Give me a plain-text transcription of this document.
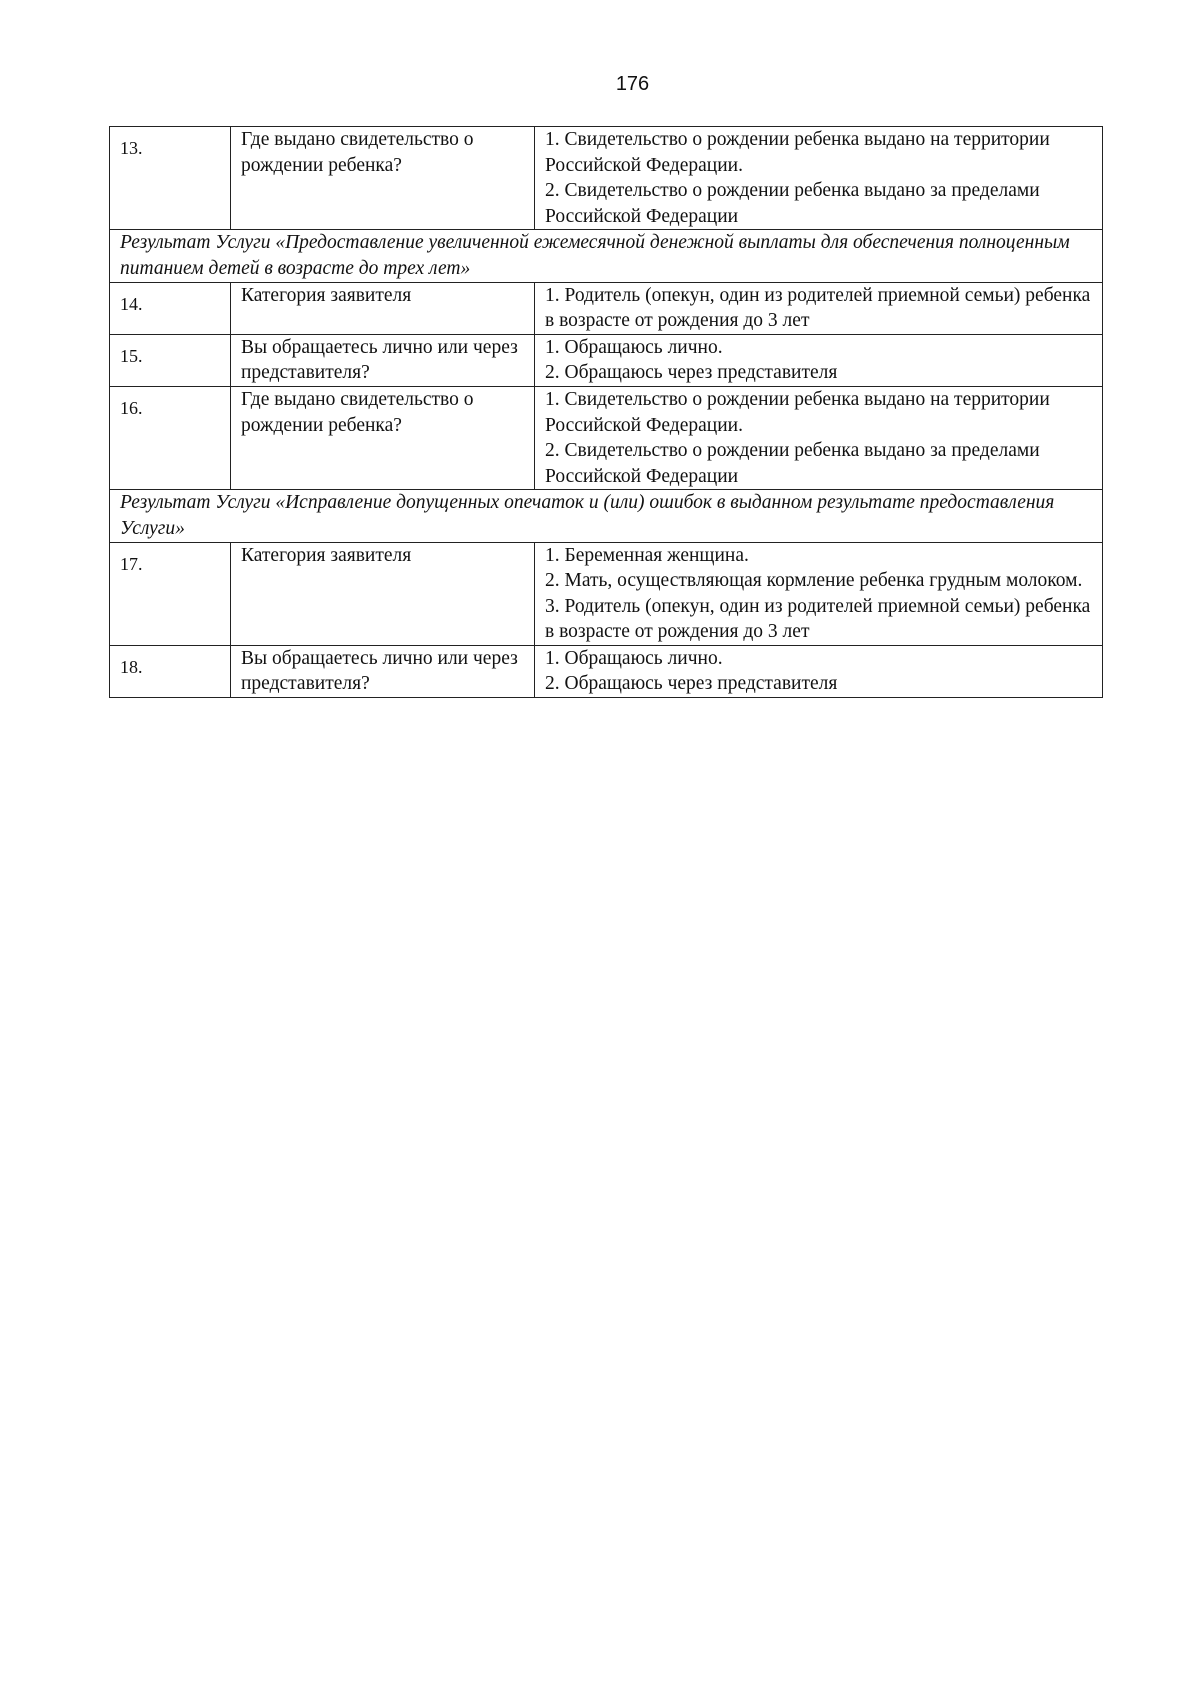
176
13.	Где выдано свидетельство о рождении ребенка?	1. Свидетельство о рождении ребенка выдано на территории Российской Федерации.
2. Свидетельство о рождении ребенка выдано за пределами Российской Федерации

Результат Услуги «Предоставление увеличенной ежемесячной денежной выплаты для обеспечения полноценным питанием детей в возрасте до трех лет»		

14.	Категория заявителя	1. Родитель (опекун, один из родителей приемной семьи) ребенка в возрасте от рождения до 3 лет

15.	Вы обращаетесь лично или через представителя?	1. Обращаюсь лично.
2. Обращаюсь через представителя

16.	Где выдано свидетельство о рождении ребенка?	1. Свидетельство о рождении ребенка выдано на территории Российской Федерации.
2. Свидетельство о рождении ребенка выдано за пределами Российской Федерации

Результат Услуги «Исправление допущенных опечаток и (или) ошибок в выданном результате предоставления Услуги»		

17.	Категория заявителя	1. Беременная женщина.
2. Мать, осуществляющая кормление ребенка грудным молоком.
3. Родитель (опекун, один из родителей приемной семьи) ребенка в возрасте от рождения до 3 лет

18.	Вы обращаетесь лично или через представителя?	1. Обращаюсь лично.
2. Обращаюсь через представителя
